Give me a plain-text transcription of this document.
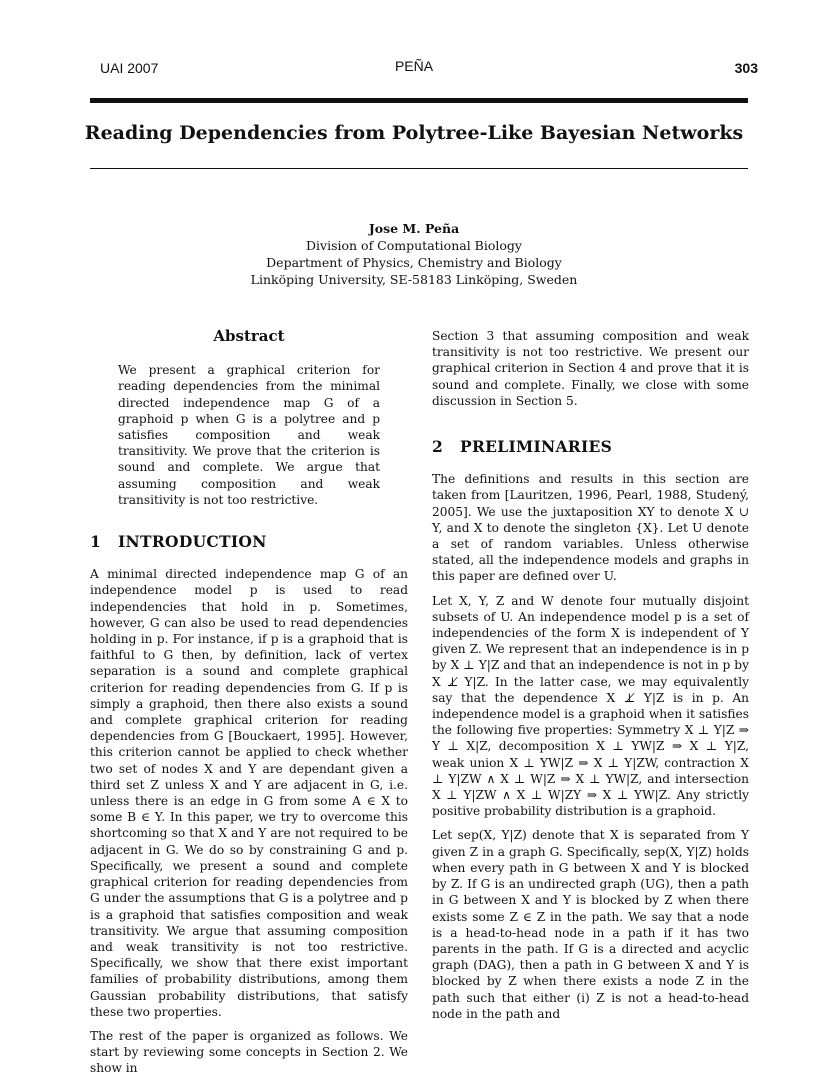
UAI 2007	PEÑA	303
Reading Dependencies from Polytree-Like Bayesian Networks
Jose M. Peña
Division of Computational Biology
Department of Physics, Chemistry and Biology
Linköping University, SE-58183 Linköping, Sweden
Abstract

We present a graphical criterion for reading dependencies from the minimal directed independence map G of a graphoid p when G is a polytree and p satisfies composition and weak transitivity. We prove that the criterion is sound and complete. We argue that assuming composition and weak transitivity is not too restrictive.

1 INTRODUCTION

A minimal directed independence map G of an independence model p is used to read independencies that hold in p. Sometimes, however, G can also be used to read dependencies holding in p. For instance, if p is a graphoid that is faithful to G then, by definition, lack of vertex separation is a sound and complete graphical criterion for reading dependencies from G. If p is simply a graphoid, then there also exists a sound and complete graphical criterion for reading dependencies from G [Bouckaert, 1995]. However, this criterion cannot be applied to check whether two set of nodes X and Y are dependant given a third set Z unless X and Y are adjacent in G, i.e. unless there is an edge in G from some A ∈ X to some B ∈ Y. In this paper, we try to overcome this shortcoming so that X and Y are not required to be adjacent in G. We do so by constraining G and p. Specifically, we present a sound and complete graphical criterion for reading dependencies from G under the assumptions that G is a polytree and p is a graphoid that satisfies composition and weak transitivity. We argue that assuming composition and weak transitivity is not too restrictive. Specifically, we show that there exist important families of probability distributions, among them Gaussian probability distributions, that satisfy these two properties.

The rest of the paper is organized as follows. We start by reviewing some concepts in Section 2. We show in

Section 3 that assuming composition and weak transitivity is not too restrictive. We present our graphical criterion in Section 4 and prove that it is sound and complete. Finally, we close with some discussion in Section 5.

2 PRELIMINARIES

The definitions and results in this section are taken from [Lauritzen, 1996, Pearl, 1988, Studený, 2005]. We use the juxtaposition XY to denote X ∪ Y, and X to denote the singleton {X}. Let U denote a set of random variables. Unless otherwise stated, all the independence models and graphs in this paper are defined over U.

Let X, Y, Z and W denote four mutually disjoint subsets of U. An independence model p is a set of independencies of the form X is independent of Y given Z. We represent that an independence is in p by X ⊥ Y|Z and that an independence is not in p by X ⊥̸ Y|Z. In the latter case, we may equivalently say that the dependence X ⊥̸ Y|Z is in p. An independence model is a graphoid when it satisfies the following five properties: Symmetry X ⊥ Y|Z ⇒ Y ⊥ X|Z, decomposition X ⊥ YW|Z ⇒ X ⊥ Y|Z, weak union X ⊥ YW|Z ⇒ X ⊥ Y|ZW, contraction X ⊥ Y|ZW ∧ X ⊥ W|Z ⇒ X ⊥ YW|Z, and intersection X ⊥ Y|ZW ∧ X ⊥ W|ZY ⇒ X ⊥ YW|Z. Any strictly positive probability distribution is a graphoid.

Let sep(X, Y|Z) denote that X is separated from Y given Z in a graph G. Specifically, sep(X, Y|Z) holds when every path in G between X and Y is blocked by Z. If G is an undirected graph (UG), then a path in G between X and Y is blocked by Z when there exists some Z ∈ Z in the path. We say that a node is a head-to-head node in a path if it has two parents in the path. If G is a directed and acyclic graph (DAG), then a path in G between X and Y is blocked by Z when there exists a node Z in the path such that either (i) Z is not a head-to-head node in the path and
